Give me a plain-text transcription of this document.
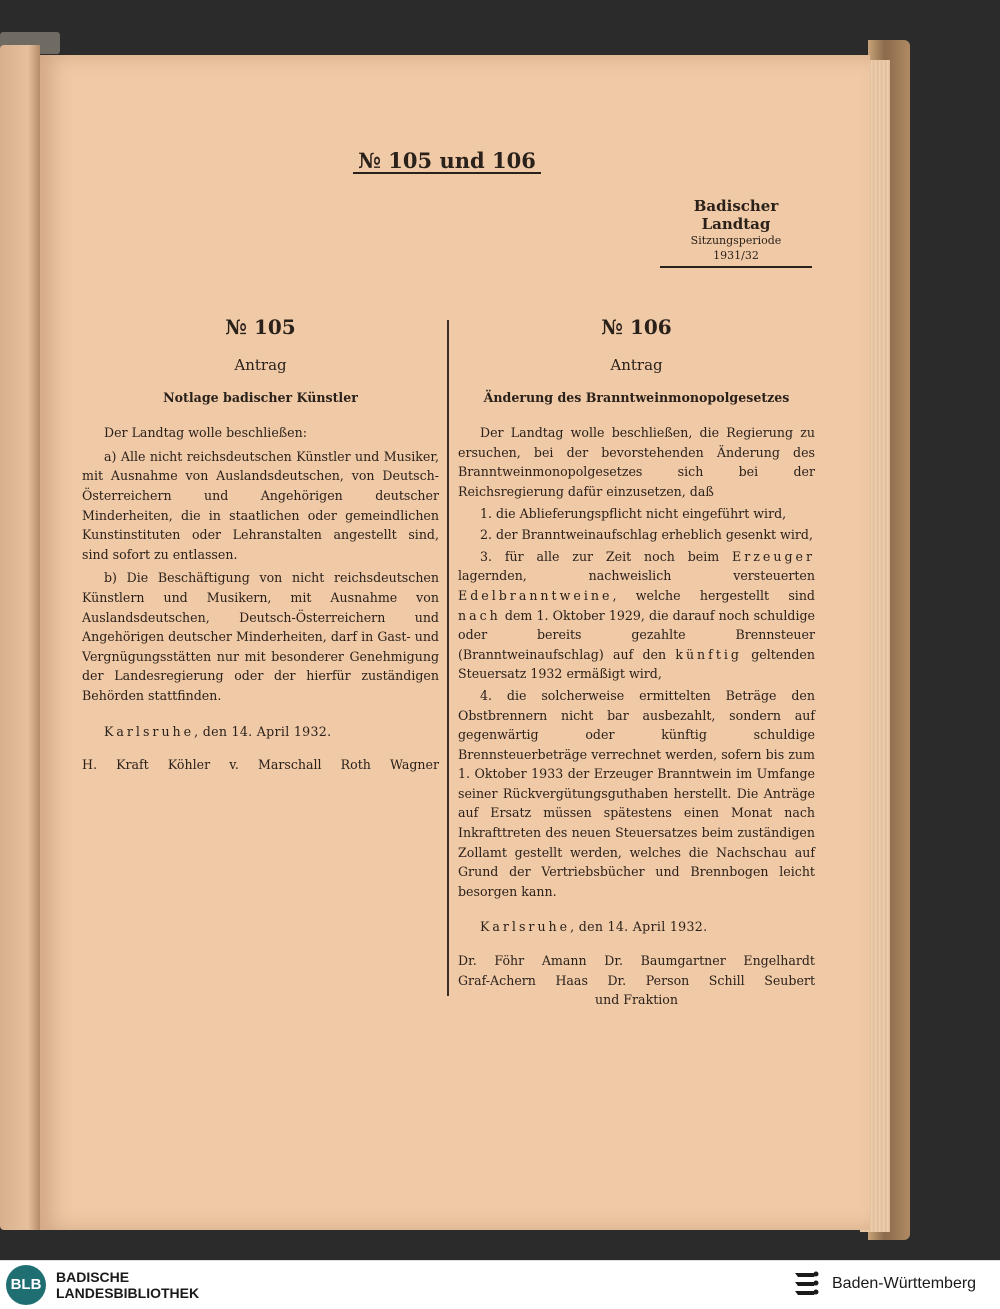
№ 105 und 106
Badischer Landtag
Sitzungsperiode
1931/32
№ 105
Antrag
Notlage badischer Künstler

Der Landtag wolle beschließen:

a) Alle nicht reichsdeutschen Künstler und Musiker, mit Ausnahme von Auslandsdeutschen, von Deutsch-Österreichern und Angehörigen deutscher Minderheiten, die in staatlichen oder gemeindlichen Kunstinstituten oder Lehranstalten angestellt sind, sind sofort zu entlassen.

b) Die Beschäftigung von nicht reichsdeutschen Künstlern und Musikern, mit Ausnahme von Auslandsdeutschen, Deutsch-Österreichern und Angehörigen deutscher Minderheiten, darf in Gast- und Vergnügungsstätten nur mit besonderer Genehmigung der Landesregierung oder der hierfür zuständigen Behörden stattfinden.

Karlsruhe, den 14. April 1932.

H. Kraft Köhler v. Marschall Roth Wagner

№ 106
Antrag
Änderung des Branntweinmonopolgesetzes

Der Landtag wolle beschließen, die Regierung zu ersuchen, bei der bevorstehenden Änderung des Branntweinmonopolgesetzes sich bei der Reichsregierung dafür einzusetzen, daß

1. die Ablieferungspflicht nicht eingeführt wird,

2. der Branntweinaufschlag erheblich gesenkt wird,

3. für alle zur Zeit noch beim Erzeuger lagernden, nachweislich versteuerten Edelbranntweine, welche hergestellt sind nach dem 1. Oktober 1929, die darauf noch schuldige oder bereits gezahlte Brennsteuer (Branntweinaufschlag) auf den künftig geltenden Steuersatz 1932 ermäßigt wird,

4. die solcherweise ermittelten Beträge den Obstbrennern nicht bar ausbezahlt, sondern auf gegenwärtig oder künftig schuldige Brennsteuerbeträge verrechnet werden, sofern bis zum 1. Oktober 1933 der Erzeuger Branntwein im Umfange seiner Rückvergütungsguthaben herstellt. Die Anträge auf Ersatz müssen spätestens einen Monat nach Inkrafttreten des neuen Steuersatzes beim zuständigen Zollamt gestellt werden, welches die Nachschau auf Grund der Vertriebsbücher und Brennbogen leicht besorgen kann.

Karlsruhe, den 14. April 1932.

Dr. Föhr Amann Dr. Baumgartner Engelhardt

Graf-Achern Haas Dr. Person Schill Seubert

und Fraktion

BLB	BADISCHE
LANDESBIBLIOTHEK
Baden-Württemberg
